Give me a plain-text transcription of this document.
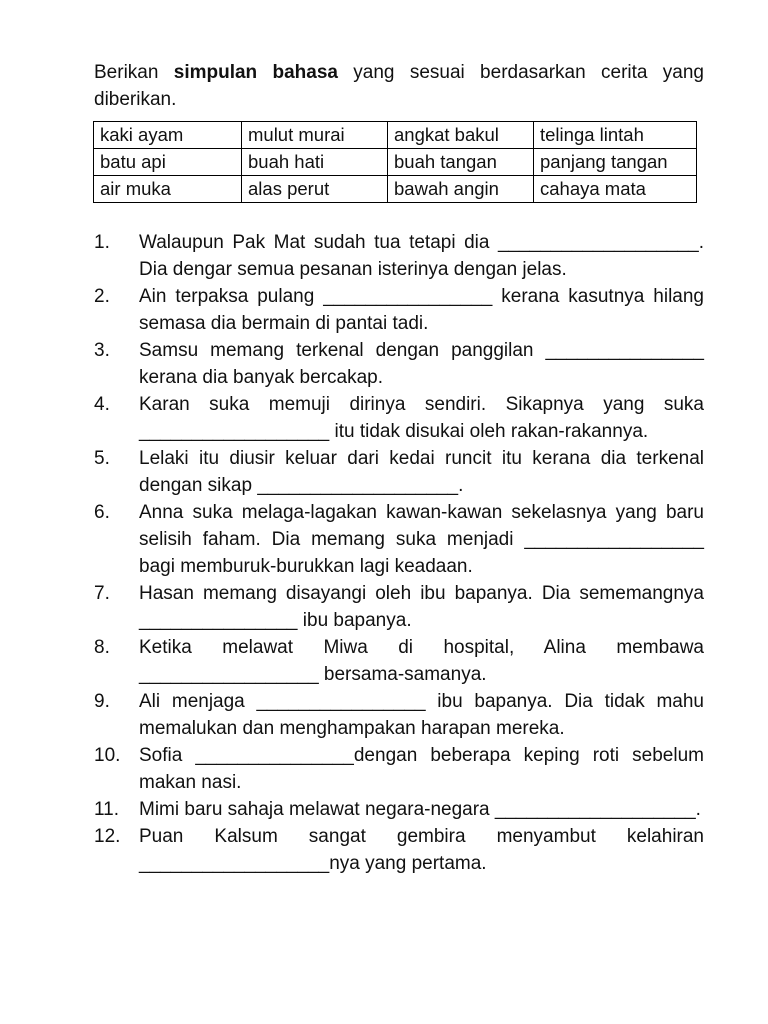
Berikan simpulan bahasa yang sesuai berdasarkan cerita yang diberikan.

kaki ayam	mulut murai	angkat bakul	telinga lintah
batu api	buah hati	buah tangan	panjang tangan
air muka	alas perut	bawah angin	cahaya mata
1.	Walaupun Pak Mat sudah tua tetapi dia ___________________. Dia dengar semua pesanan isterinya dengan jelas.
2.	Ain terpaksa pulang ________________ kerana kasutnya hilang semasa dia bermain di pantai tadi.
3.	Samsu memang terkenal dengan panggilan _______________ kerana dia banyak bercakap.
4.	Karan suka memuji dirinya sendiri. Sikapnya yang suka __________________ itu tidak disukai oleh rakan-rakannya.
5.	Lelaki itu diusir keluar dari kedai runcit itu kerana dia terkenal dengan sikap ___________________.
6.	Anna suka melaga-lagakan kawan-kawan sekelasnya yang baru selisih faham. Dia memang suka menjadi _________________ bagi memburuk-burukkan lagi keadaan.
7.	Hasan memang disayangi oleh ibu bapanya. Dia sememangnya _______________ ibu bapanya.
8.	Ketika melawat Miwa di hospital, Alina membawa _________________ bersama-samanya.
9.	Ali menjaga ________________ ibu bapanya. Dia tidak mahu memalukan dan menghampakan harapan mereka.
10. Sofia _______________dengan beberapa keping roti sebelum makan nasi.
11.	Mimi baru sahaja melawat negara-negara ___________________.
12. Puan Kalsum sangat gembira menyambut kelahiran __________________nya yang pertama.
